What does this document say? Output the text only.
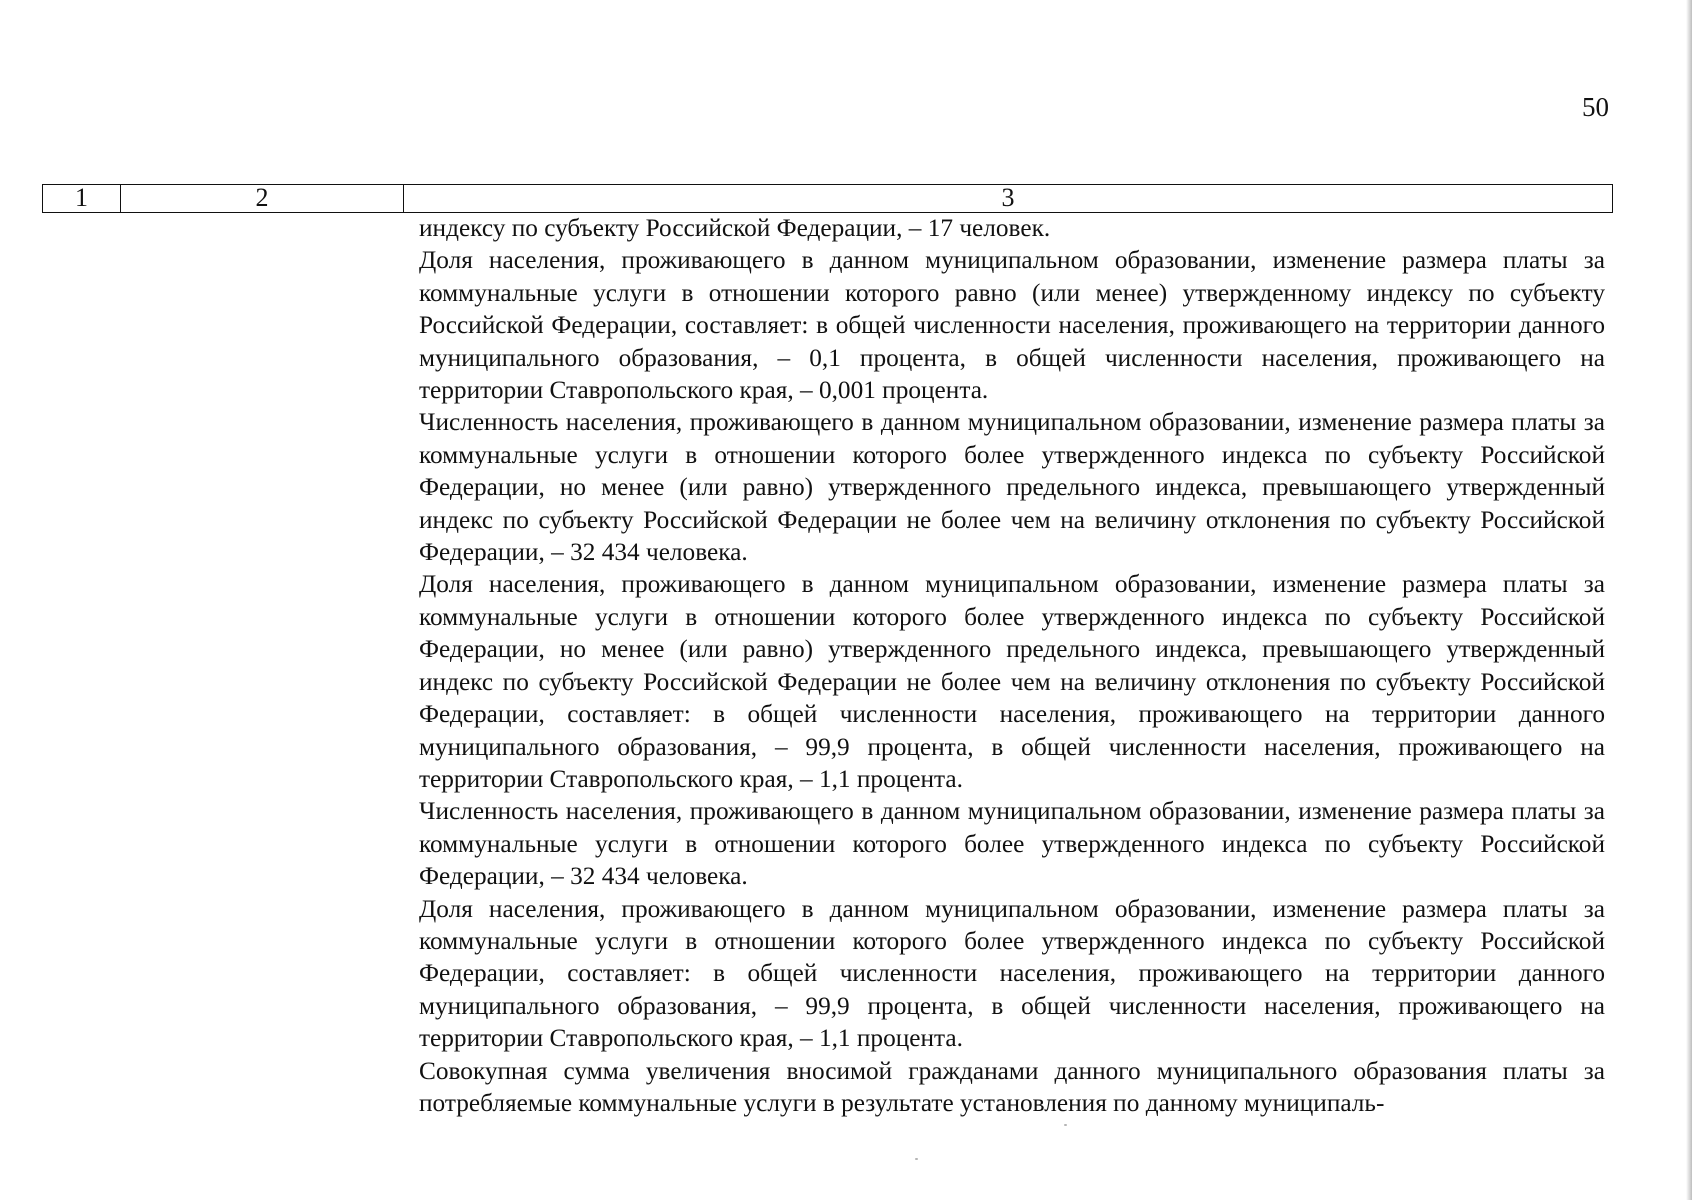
50
1	2	3

индексу по субъекту Российской Федерации, – 17 человек.

Доля населения, проживающего в данном муниципальном образовании, изменение размера платы за коммунальные услуги в отношении которого равно (или менее) утвержденному индексу по субъекту Российской Федерации, составляет: в общей численности населения, проживающего на территории данного муниципального образования, – 0,1 процента, в общей численности населения, проживающего на территории Ставропольского края, – 0,001 процента.

Численность населения, проживающего в данном муниципальном образовании, изменение размера платы за коммунальные услуги в отношении которого более утвержденного индекса по субъекту Российской Федерации, но менее (или равно) утвержденного предельного индекса, превышающего утвержденный индекс по субъекту Российской Федерации не более чем на величину отклонения по субъекту Российской Федерации, – 32 434 человека.

Доля населения, проживающего в данном муниципальном образовании, изменение размера платы за коммунальные услуги в отношении которого более утвержденного индекса по субъекту Российской Федерации, но менее (или равно) утвержденного предельного индекса, превышающего утвержденный индекс по субъекту Российской Федерации не более чем на величину отклонения по субъекту Российской Федерации, составляет: в общей численности населения, проживающего на территории данного муниципального образования, – 99,9 процента, в общей численности населения, проживающего на территории Ставропольского края, – 1,1 процента.

Численность населения, проживающего в данном муниципальном образовании, изменение размера платы за коммунальные услуги в отношении которого более утвержденного индекса по субъекту Российской Федерации, – 32 434 человека.

Доля населения, проживающего в данном муниципальном образовании, изменение размера платы за коммунальные услуги в отношении которого более утвержденного индекса по субъекту Российской Федерации, составляет: в общей численности населения, проживающего на территории данного муниципального образования, – 99,9 процента, в общей численности населения, проживающего на территории Ставропольского края, – 1,1 процента.

Совокупная сумма увеличения вносимой гражданами данного муниципального образования платы за потребляемые коммунальные услуги в результате установления по данному муниципаль-
